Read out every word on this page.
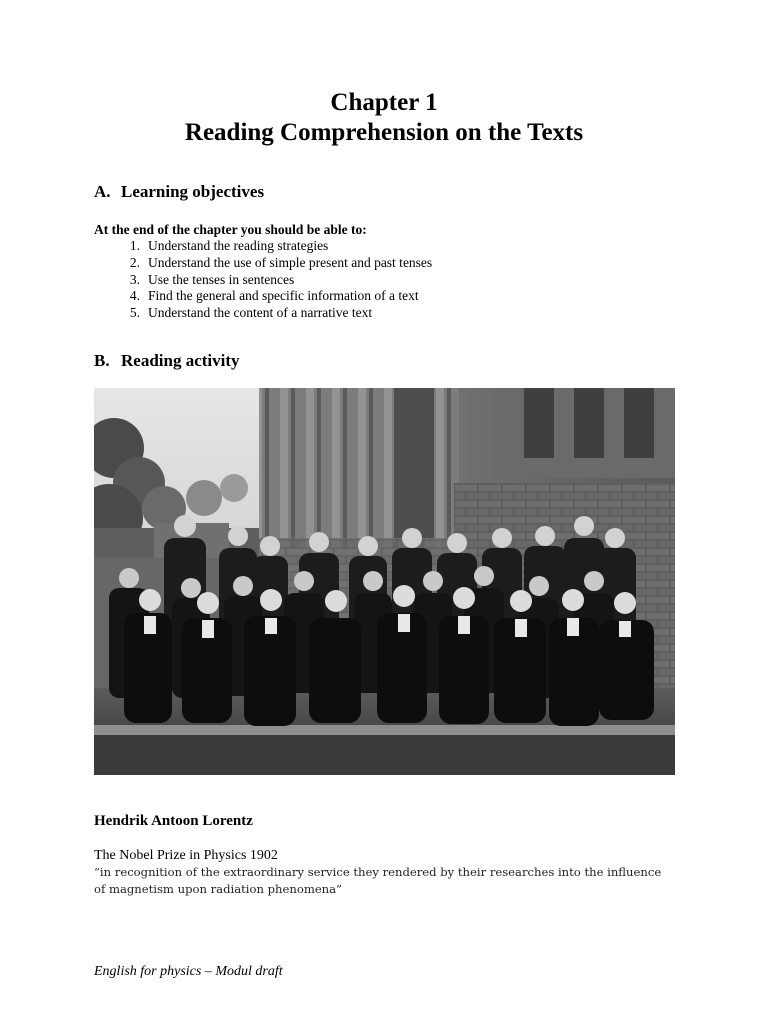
Chapter 1
Reading Comprehension on the Texts
A. Learning objectives
At the end of the chapter you should be able to:
1. Understand the reading strategies
2. Understand the use of simple present and past tenses
3. Use the tenses in sentences
4. Find the general and specific information of a text
5. Understand the content of a narrative text
B. Reading activity
Hendrik Antoon Lorentz
The Nobel Prize in Physics 1902
“in recognition of the extraordinary service they rendered by their researches into the influence
of magnetism upon radiation phenomena”
English for physics – Modul draft
